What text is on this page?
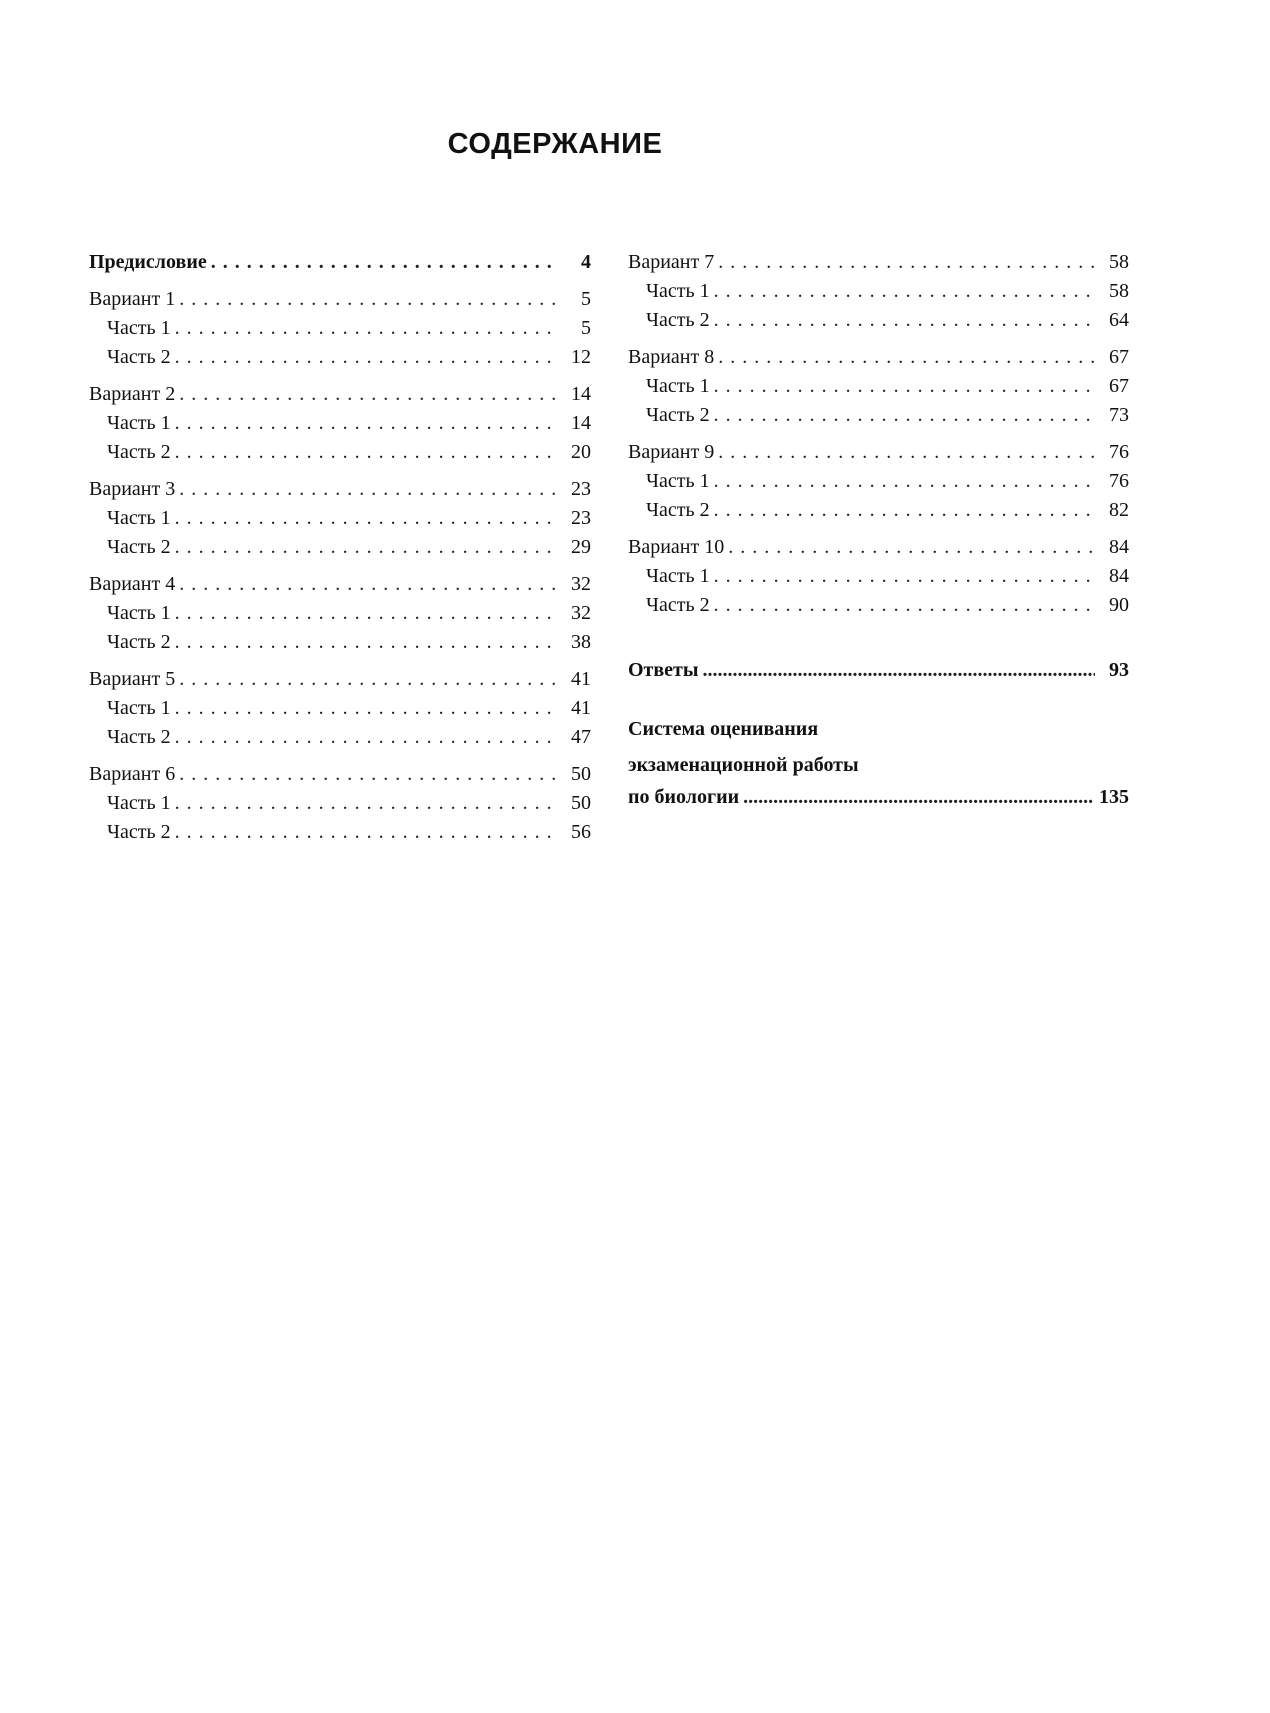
СОДЕРЖАНИЕ
Предисловие . . .	4
Вариант 1 . . .	5
Часть 1 . . .	5
Часть 2 . . .	12
Вариант 2 . . .	14
Часть 1 . . .	14
Часть 2 . . .	20
Вариант 3 . . .	23
Часть 1 . . .	23
Часть 2 . . .	29
Вариант 4 . . .	32
Часть 1 . . .	32
Часть 2 . . .	38
Вариант 5 . . .	41
Часть 1 . . .	41
Часть 2 . . .	47
Вариант 6 . . .	50
Часть 1 . . .	50
Часть 2 . . .	56
Вариант 7 . . .	58
Часть 1 . . .	58
Часть 2 . . .	64
Вариант 8 . . .	67
Часть 1 . . .	67
Часть 2 . . .	73
Вариант 9 . . .	76
Часть 1 . . .	76
Часть 2 . . .	82
Вариант 10 . . .	84
Часть 1 . . .	84
Часть 2 . . .	90
Ответы .....	93
Система оценивания
экзаменационной работы
по биологии .....	135
